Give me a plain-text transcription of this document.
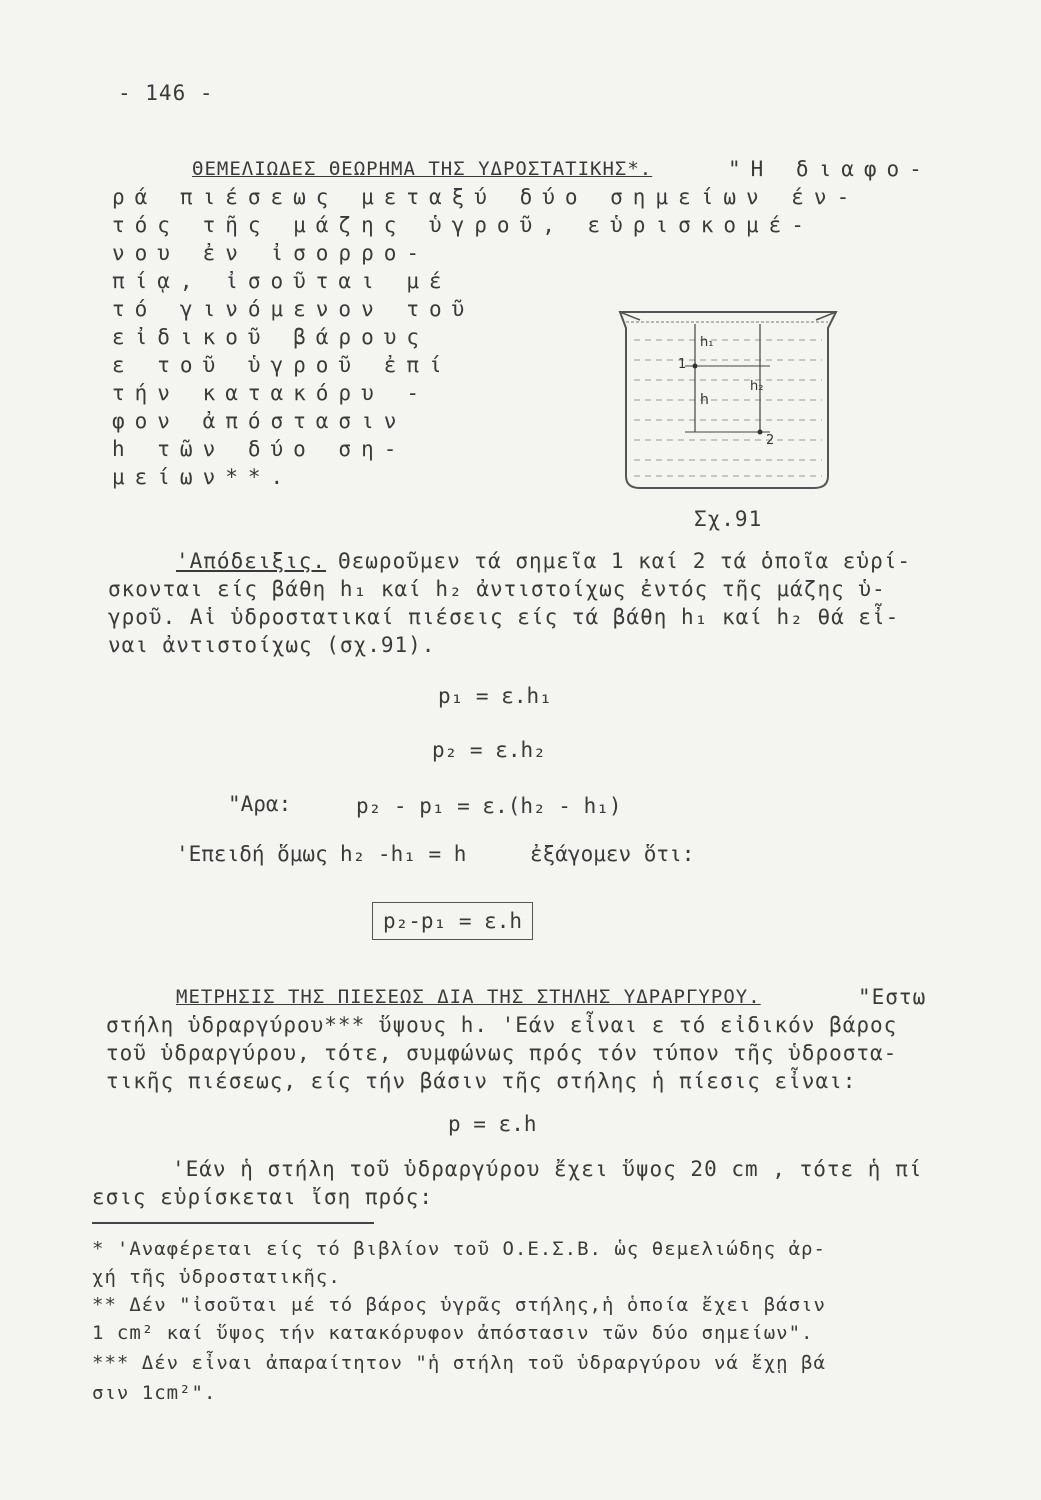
- 146 -
ΘΕΜΕΛΙΩΔΕΣ ΘΕΩΡΗΜΑ ΤΗΣ ΥΔΡΟΣΤΑΤΙΚΗΣ*.	"Η διαφο-
ρά πιέσεως μεταξύ δύο σημείων έν-
τός τῆς μάζης ὑγροῦ, εὑρισκομέ-
νου ἐν ἰσορρο-
πίᾳ, ἰσοῦται μέ
τό γινόμενον τοῦ
εἰδικοῦ βάρους
ε τοῦ ὑγροῦ ἐπί
τήν κατακόρυ -
φον ἀπόστασιν
h τῶν δύο ση-
μείων**.
h₁
1
h
h₂
2
Σχ.91
'Απόδειξις. Θεωροῦμεν τά σημεῖα 1 καί 2 τά ὁποῖα εὑρί-
σκονται είς βάθη h₁ καί h₂ ἀντιστοίχως ἐντός τῆς μάζης ὑ-
γροῦ. Αἱ ὑδροστατικαί πιέσεις είς τά βάθη h₁ καί h₂ θά εἶ-
ναι ἀντιστοίχως (σχ.91).
p₁ = ε.h₁
p₂ = ε.h₂
"Αρα:	p₂ - p₁ = ε.(h₂ - h₁)
'Επειδή ὅμως h₂ -h₁ = h	ἐξάγομεν ὅτι:
p₂-p₁ = ε.h
ΜΕΤΡΗΣΙΣ ΤΗΣ ΠΙΕΣΕΩΣ ΔΙΑ ΤΗΣ ΣΤΗΛΗΣ ΥΔΡΑΡΓΥΡΟΥ.	"Εστω
στήλη ὑδραργύρου*** ὕψους h. 'Εάν εἶναι ε τό εἰδικόν βάρος
τοῦ ὑδραργύρου, τότε, συμφώνως πρός τόν τύπον τῆς ὑδροστα-
τικῆς πιέσεως, είς τήν βάσιν τῆς στήλης ἡ πίεσις εἶναι:
p = ε.h
'Εάν ἡ στήλη τοῦ ὑδραργύρου ἔχει ὕψος 20 cm , τότε ἡ πί
εσις εὑρίσκεται ἴση πρός:
* 'Αναφέρεται είς τό βιβλίον τοῦ Ο.Ε.Σ.Β. ὡς θεμελιώδης ἀρ-
χή τῆς ὑδροστατικῆς.
** Δέν "ἰσοῦται μέ τό βάρος ὑγρᾶς στήλης,ἡ ὁποία ἔχει βάσιν
1 cm² καί ὕψος τήν κατακόρυφον ἀπόστασιν τῶν δύο σημείων".
*** Δέν εἶναι ἀπαραίτητον "ἡ στήλη τοῦ ὑδραργύρου νά ἔχῃ βά
σιν 1cm²".
